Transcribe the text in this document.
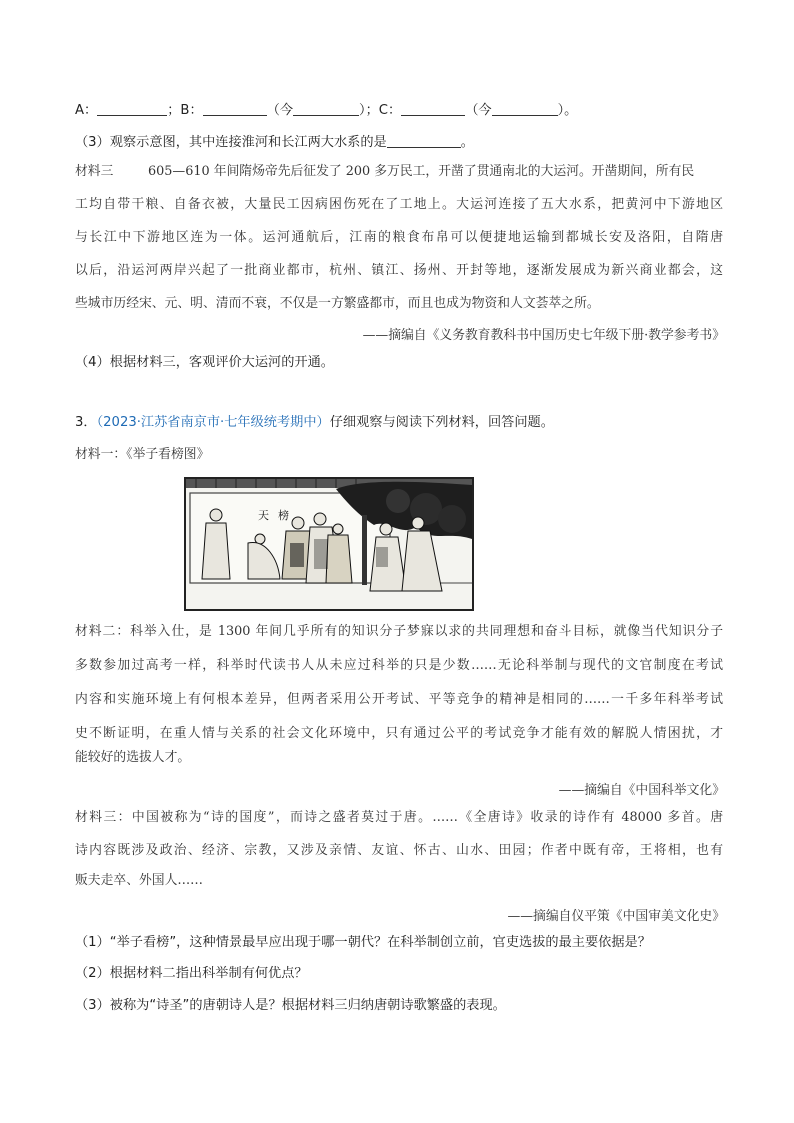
A：	；B：	（今	）；C：	（今	）。
（3）观察示意图，其中连接淮河和长江两大水系的是	。
材料三	605—610 年间隋炀帝先后征发了 200 多万民工，开凿了贯通南北的大运河。开凿期间，所有民
工均自带干粮、自备衣被，大量民工因病困伤死在了工地上。大运河连接了五大水系，把黄河中下游地区
与长江中下游地区连为一体。运河通航后，江南的粮食布帛可以便捷地运输到都城长安及洛阳，自隋唐
以后，沿运河两岸兴起了一批商业都市，杭州、镇江、扬州、开封等地，逐渐发展成为新兴商业都会，这
些城市历经宋、元、明、清而不衰，不仅是一方繁盛都市，而且也成为物资和人文荟萃之所。
——摘编自《义务教育教科书中国历史七年级下册·教学参考书》
（4）根据材料三，客观评价大运河的开通。
3．（2023·江苏省南京市·七年级统考期中）仔细观察与阅读下列材料，回答问题。
材料一：《举子看榜图》
天 榜
材料二：科举入仕，是 1300 年间几乎所有的知识分子梦寐以求的共同理想和奋斗目标，就像当代知识分子
多数参加过高考一样，科举时代读书人从未应过科举的只是少数……无论科举制与现代的文官制度在考试
内容和实施环境上有何根本差异，但两者采用公开考试、平等竞争的精神是相同的……一千多年科举考试
史不断证明，在重人情与关系的社会文化环境中，只有通过公平的考试竞争才能有效的解脱人情困扰，才
能较好的选拔人才。
——摘编自《中国科举文化》
材料三：中国被称为“诗的国度”，而诗之盛者莫过于唐。……《全唐诗》收录的诗作有 48000 多首。唐
诗内容既涉及政治、经济、宗教，又涉及亲情、友谊、怀古、山水、田园；作者中既有帝，王将相，也有
贩夫走卒、外国人……
——摘编自仪平策《中国审美文化史》
（1）“举子看榜”，这种情景最早应出现于哪一朝代？在科举制创立前，官吏选拔的最主要依据是？
（2）根据材料二指出科举制有何优点？
（3）被称为“诗圣”的唐朝诗人是？根据材料三归纳唐朝诗歌繁盛的表现。
